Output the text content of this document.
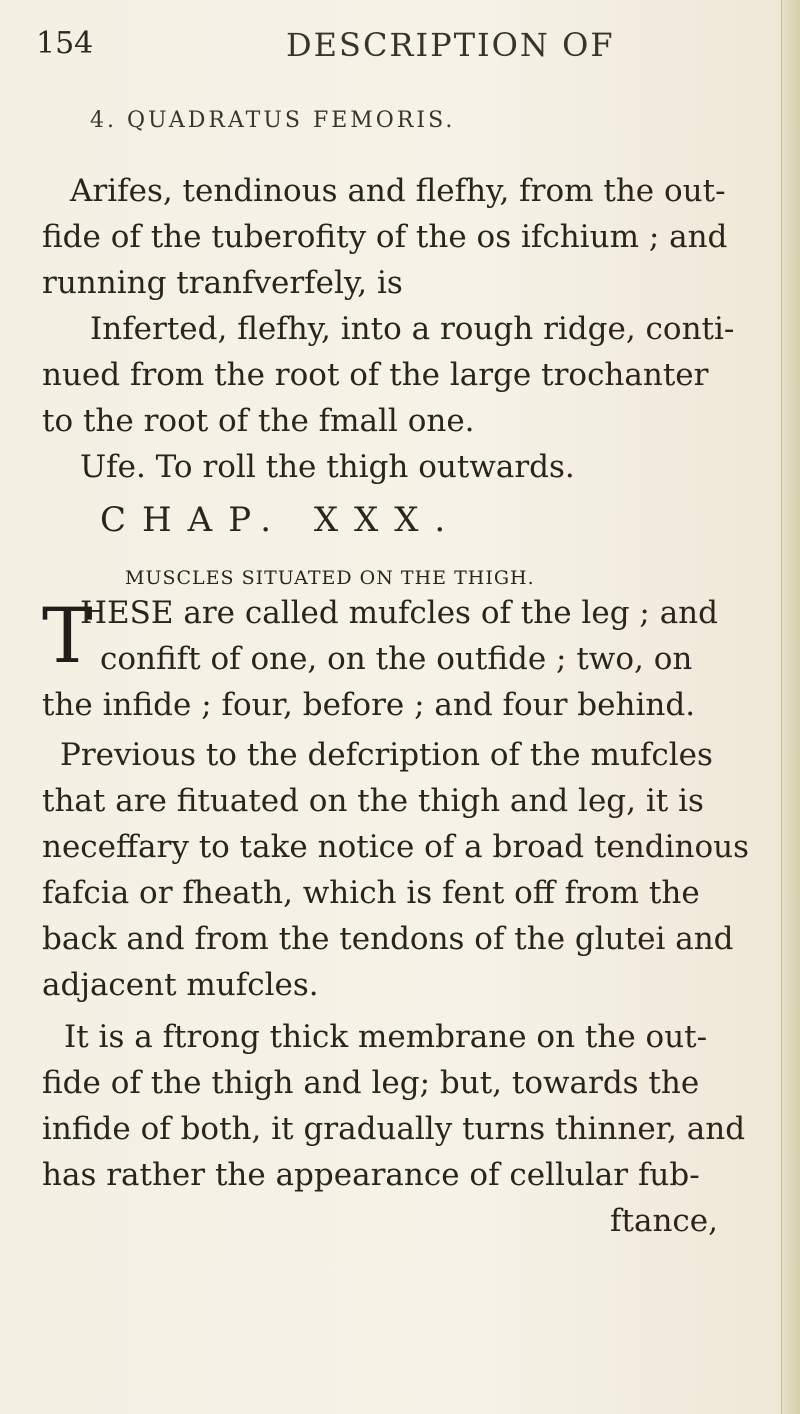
154	DESCRIPTION OF
4. QUADRATUS FEMORIS.
Arifes, tendinous and flefhy, from the out-
fide of the tuberofity of the os ifchium ; and
running tranfverfely, is
Inferted, flefhy, into a rough ridge, conti-
nued from the root of the large trochanter
to the root of the fmall one.
Ufe. To roll the thigh outwards.
CHAP. XXX.
MUSCLES SITUATED ON THE THIGH.
T
HESE are called mufcles of the leg ; and
confift of one, on the outfide ; two, on
the infide ; four, before ; and four behind.
Previous to the defcription of the mufcles
that are fituated on the thigh and leg, it is
neceffary to take notice of a broad tendinous
fafcia or fheath, which is fent off from the
back and from the tendons of the glutei and
adjacent mufcles.
It is a ftrong thick membrane on the out-
fide of the thigh and leg; but, towards the
infide of both, it gradually turns thinner, and
has rather the appearance of cellular fub-
ftance,
